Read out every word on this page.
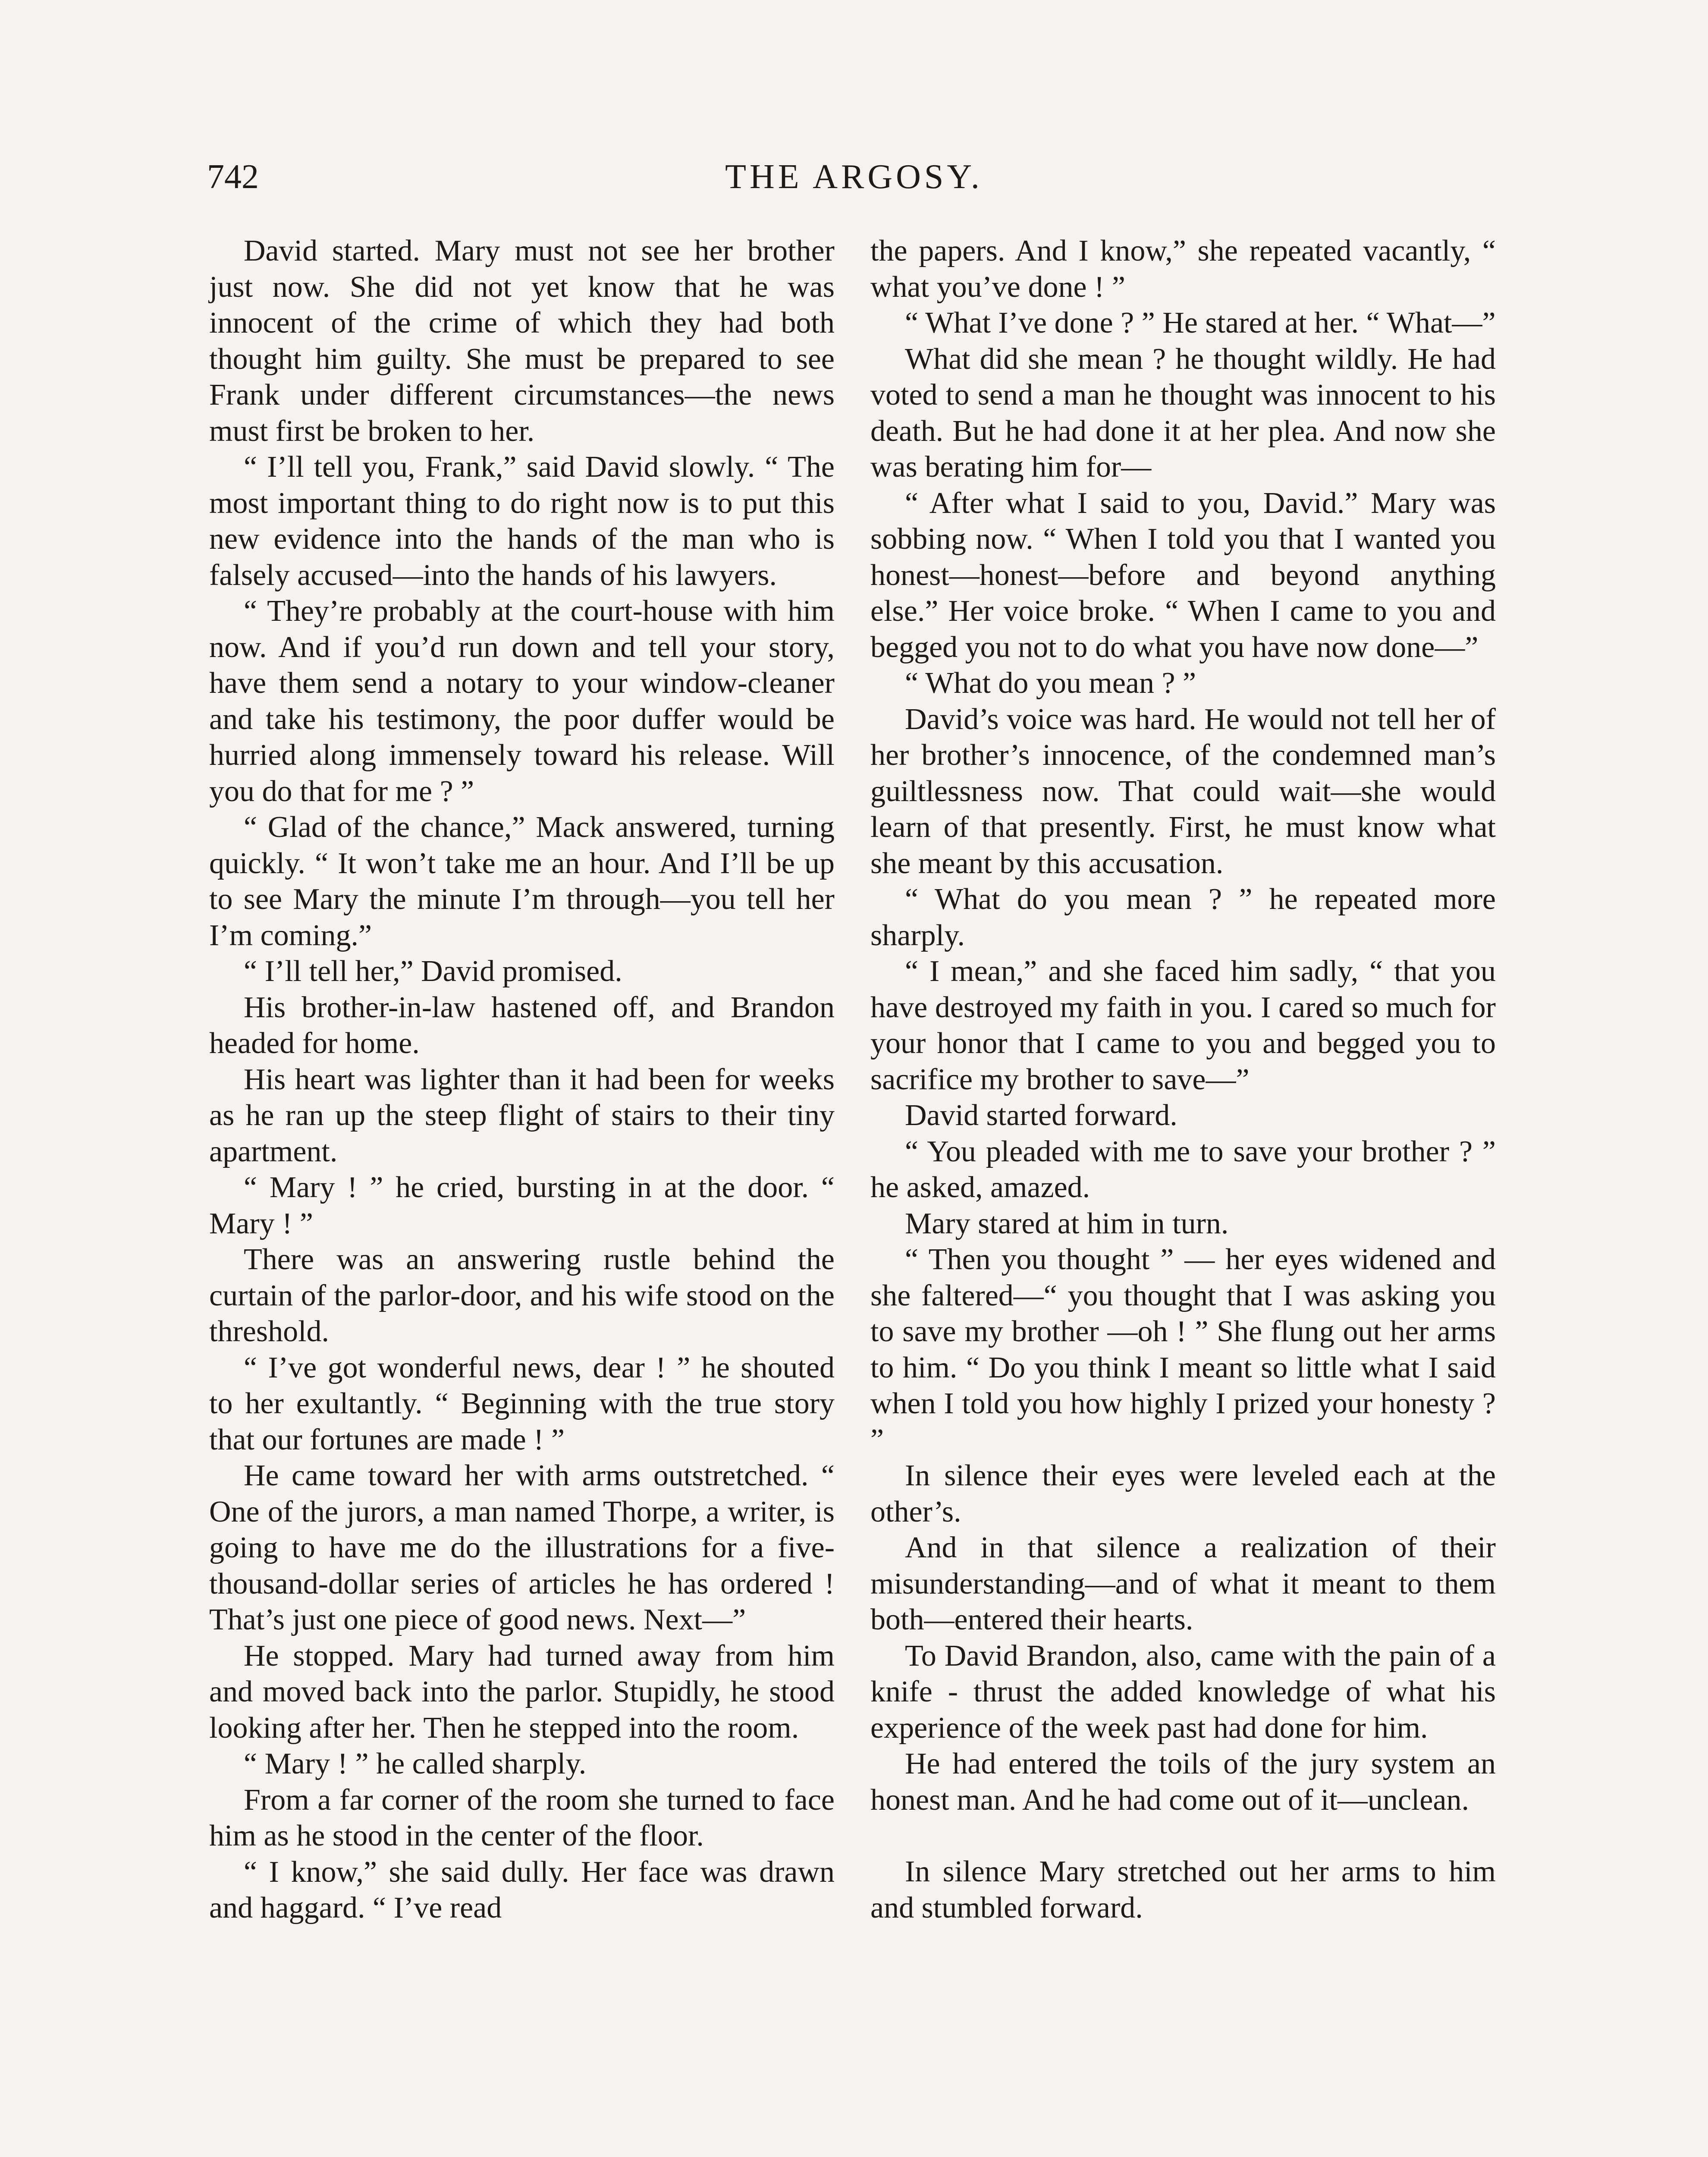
742	THE ARGOSY.

David started. Mary must not see her brother just now. She did not yet know that he was innocent of the crime of which they had both thought him guilty. She must be prepared to see Frank under different circumstances—the news must first be broken to her.

“ I’ll tell you, Frank,” said David slowly. “ The most important thing to do right now is to put this new evidence into the hands of the man who is falsely accused—into the hands of his lawyers.

“ They’re probably at the court-house with him now. And if you’d run down and tell your story, have them send a notary to your window-cleaner and take his testimony, the poor duffer would be hurried along immensely toward his release. Will you do that for me ? ”

“ Glad of the chance,” Mack answered, turning quickly. “ It won’t take me an hour. And I’ll be up to see Mary the minute I’m through—you tell her I’m coming.”

“ I’ll tell her,” David promised.

His brother-in-law hastened off, and Brandon headed for home.

His heart was lighter than it had been for weeks as he ran up the steep flight of stairs to their tiny apartment.

“ Mary ! ” he cried, bursting in at the door. “ Mary ! ”

There was an answering rustle behind the curtain of the parlor-door, and his wife stood on the threshold.

“ I’ve got wonderful news, dear ! ” he shouted to her exultantly. “ Beginning with the true story that our fortunes are made ! ”

He came toward her with arms outstretched. “ One of the jurors, a man named Thorpe, a writer, is going to have me do the illustrations for a five-thousand-dollar series of articles he has ordered ! That’s just one piece of good news. Next—”

He stopped. Mary had turned away from him and moved back into the parlor. Stupidly, he stood looking after her. Then he stepped into the room.

“ Mary ! ” he called sharply.

From a far corner of the room she turned to face him as he stood in the center of the floor.

“ I know,” she said dully. Her face was drawn and haggard. “ I’ve read

the papers. And I know,” she repeated vacantly, “ what you’ve done ! ”

“ What I’ve done ? ” He stared at her. “ What—”

What did she mean ? he thought wildly. He had voted to send a man he thought was innocent to his death. But he had done it at her plea. And now she was berating him for—

“ After what I said to you, David.” Mary was sobbing now. “ When I told you that I wanted you honest—honest—before and beyond anything else.” Her voice broke. “ When I came to you and begged you not to do what you have now done—”

“ What do you mean ? ”

David’s voice was hard. He would not tell her of her brother’s innocence, of the condemned man’s guiltlessness now. That could wait—she would learn of that presently. First, he must know what she meant by this accusation.

“ What do you mean ? ” he repeated more sharply.

“ I mean,” and she faced him sadly, “ that you have destroyed my faith in you. I cared so much for your honor that I came to you and begged you to sacrifice my brother to save—”

David started forward.

“ You pleaded with me to save your brother ? ” he asked, amazed.

Mary stared at him in turn.

“ Then you thought ” — her eyes widened and she faltered—“ you thought that I was asking you to save my brother —oh ! ” She flung out her arms to him. “ Do you think I meant so little what I said when I told you how highly I prized your honesty ? ”

In silence their eyes were leveled each at the other’s.

And in that silence a realization of their misunderstanding—and of what it meant to them both—entered their hearts.

To David Brandon, also, came with the pain of a knife - thrust the added knowledge of what his experience of the week past had done for him.

He had entered the toils of the jury system an honest man. And he had come out of it—unclean.

In silence Mary stretched out her arms to him and stumbled forward.
